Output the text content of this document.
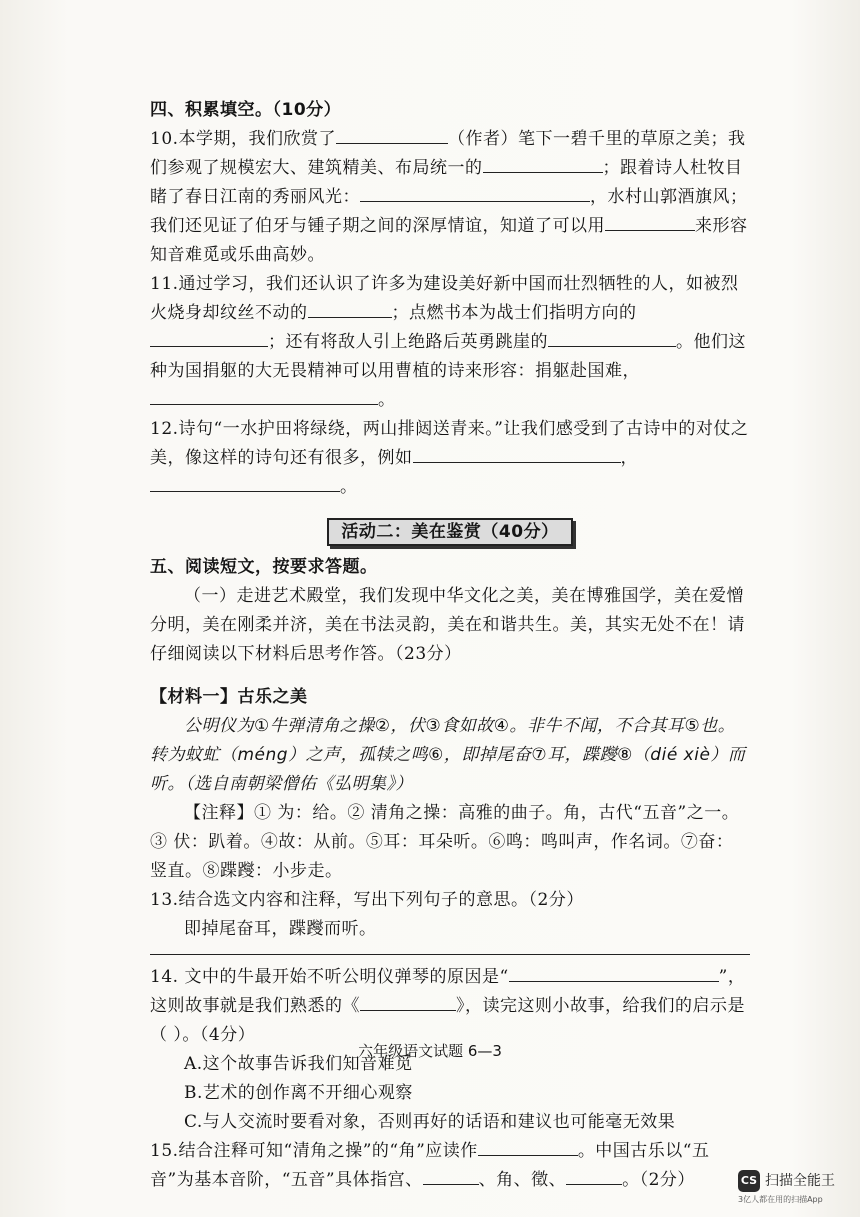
四、积累填空。（10分）

10.本学期，我们欣赏了	（作者）笔下一碧千里的草原之美；我们参观了规模宏大、建筑精美、布局统一的	；跟着诗人杜牧目睹了春日江南的秀丽风光：	，水村山郭酒旗风；我们还见证了伯牙与锺子期之间的深厚情谊，知道了可以用	来形容知音难觅或乐曲高妙。

11.通过学习，我们还认识了许多为建设美好新中国而壮烈牺牲的人，如被烈火烧身却纹丝不动的	；点燃书本为战士们指明方向的；还有将敌人引上绝路后英勇跳崖的	。他们这种为国捐躯的大无畏精神可以用曹植的诗来形容：捐躯赴国难，。

12.诗句“一水护田将绿绕，两山排闼送青来。”让我们感受到了古诗中的对仗之美，像这样的诗句还有很多，例如	，。

活动二：美在鉴赏（40分）

五、阅读短文，按要求答题。

（一）走进艺术殿堂，我们发现中华文化之美，美在博雅国学，美在爱憎分明，美在刚柔并济，美在书法灵韵，美在和谐共生。美，其实无处不在！请仔细阅读以下材料后思考作答。（23分）

【材料一】古乐之美

公明仪为①牛弹清角之操②，伏③食如故④。非牛不闻，不合其耳⑤也。转为蚊虻（méng）之声，孤犊之鸣⑥，即掉尾奋⑦耳，蹀躞⑧（dié xiè）而听。（选自南朝梁僧佑《弘明集》）

【注释】① 为：给。② 清角之操：高雅的曲子。角，古代“五音”之一。③ 伏：趴着。④故：从前。⑤耳：耳朵听。⑥鸣：鸣叫声，作名词。⑦奋：竖直。⑧蹀躞：小步走。

13.结合选文内容和注释，写出下列句子的意思。（2分）

即掉尾奋耳，蹀躞而听。

14. 文中的牛最开始不听公明仪弹琴的原因是“	”，这则故事就是我们熟悉的《	》，读完这则小故事，给我们的启示是（ ）。（4分）

A.这个故事告诉我们知音难觅

B.艺术的创作离不开细心观察

C.与人交流时要看对象，否则再好的话语和建议也可能毫无效果

15.结合注释可知“清角之操”的“角”应读作	。中国古乐以“五音”为基本音阶，“五音”具体指宫、	、角、徵、	。（2分）

六年级语文试题 6—3
CS 扫描全能王
3亿人都在用的扫描App
